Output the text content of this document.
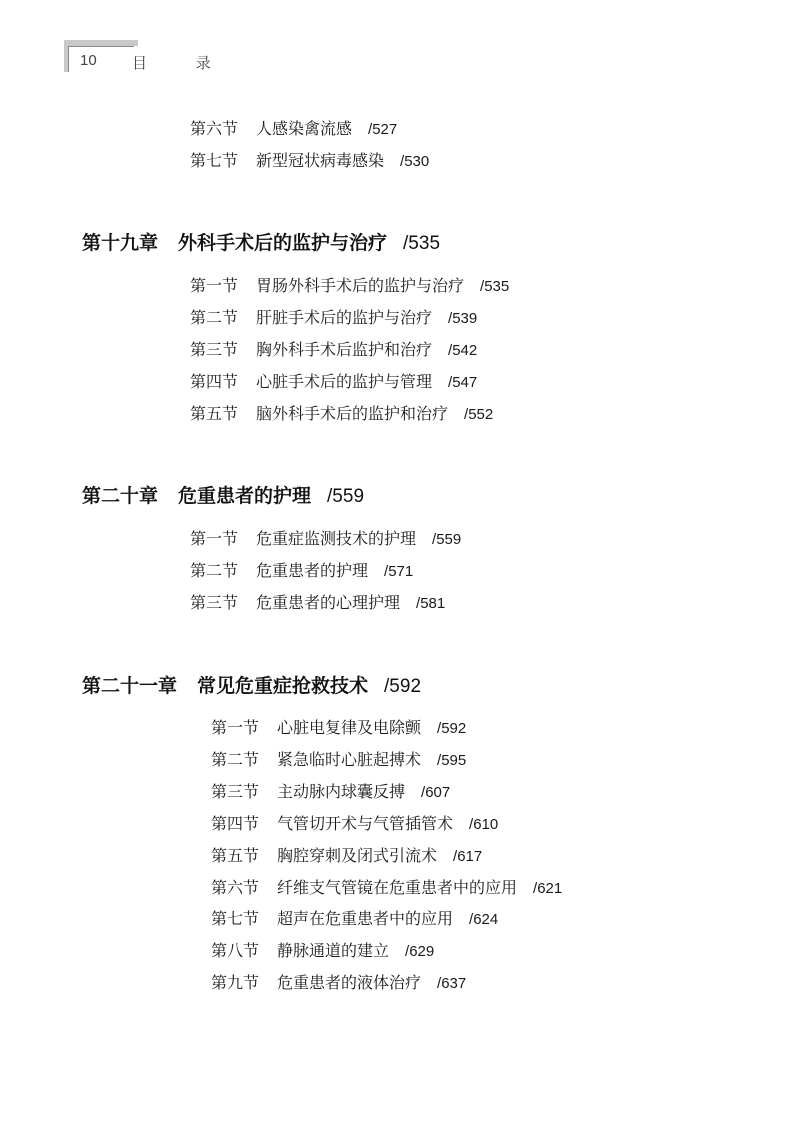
10 目 录
第六节 人感染禽流感 /527
第七节 新型冠状病毒感染 /530
第十九章 外科手术后的监护与治疗 /535
第一节 胃肠外科手术后的监护与治疗 /535
第二节 肝脏手术后的监护与治疗 /539
第三节 胸外科手术后监护和治疗 /542
第四节 心脏手术后的监护与管理 /547
第五节 脑外科手术后的监护和治疗 /552
第二十章 危重患者的护理 /559
第一节 危重症监测技术的护理 /559
第二节 危重患者的护理 /571
第三节 危重患者的心理护理 /581
第二十一章 常见危重症抢救技术 /592
第一节 心脏电复律及电除颤 /592
第二节 紧急临时心脏起搏术 /595
第三节 主动脉内球囊反搏 /607
第四节 气管切开术与气管插管术 /610
第五节 胸腔穿刺及闭式引流术 /617
第六节 纤维支气管镜在危重患者中的应用 /621
第七节 超声在危重患者中的应用 /624
第八节 静脉通道的建立 /629
第九节 危重患者的液体治疗 /637
